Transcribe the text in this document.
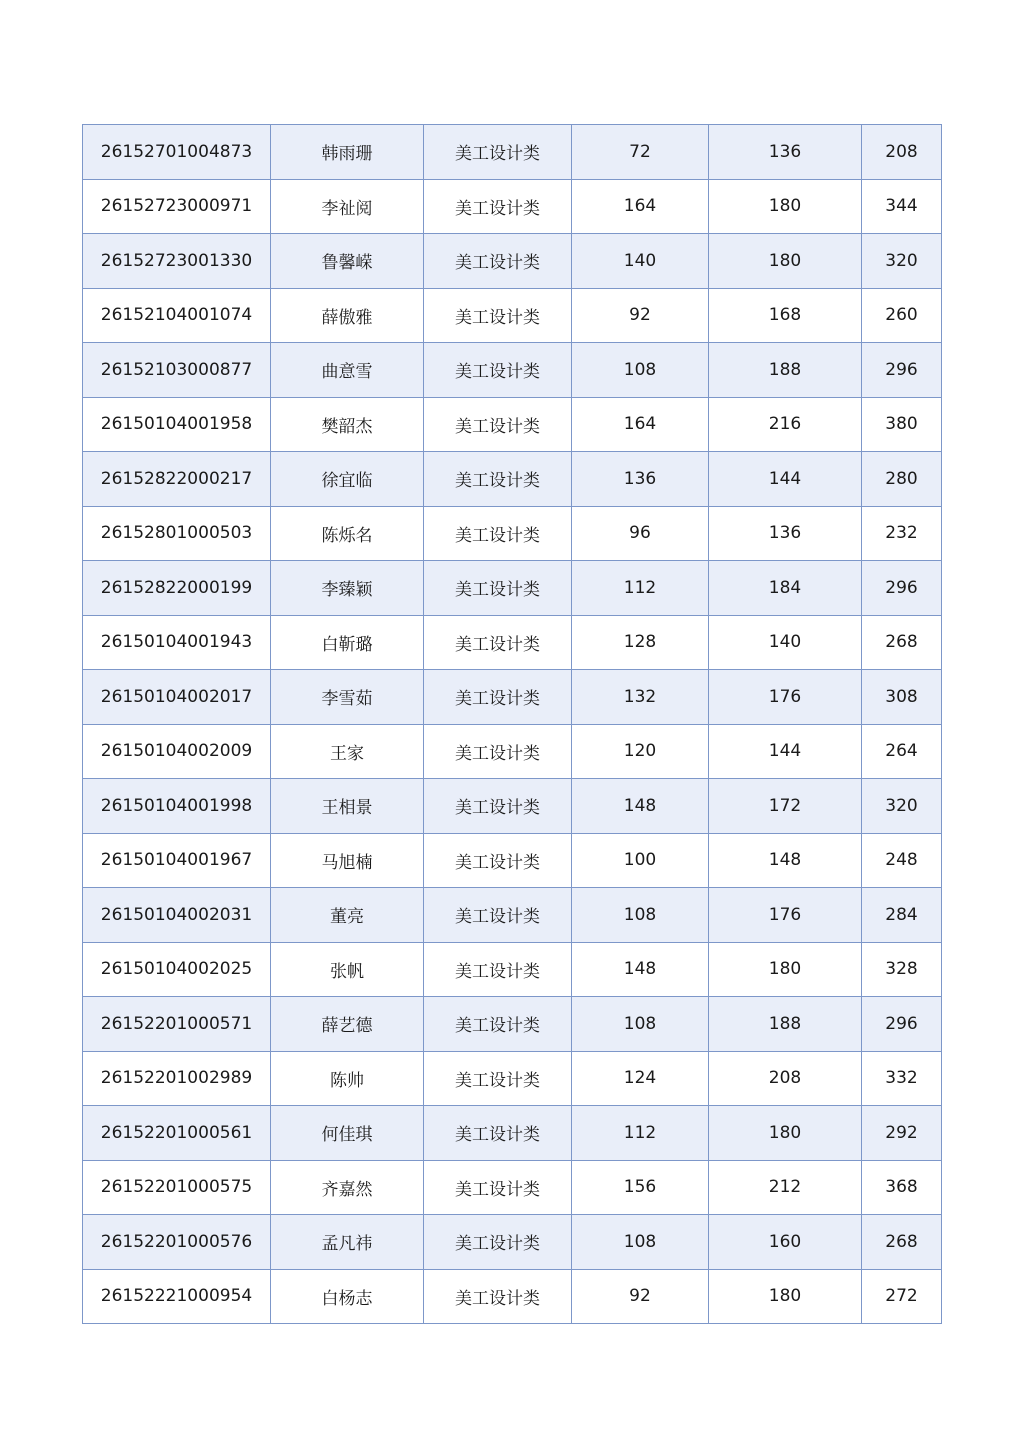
26152701004873	韩雨珊	美工设计类	72	136	208
26152723000971	李祉阅	美工设计类	164	180	344
26152723001330	鲁馨嵘	美工设计类	140	180	320
26152104001074	薛傲雅	美工设计类	92	168	260
26152103000877	曲意雪	美工设计类	108	188	296
26150104001958	樊韶杰	美工设计类	164	216	380
26152822000217	徐宜临	美工设计类	136	144	280
26152801000503	陈烁名	美工设计类	96	136	232
26152822000199	李臻颖	美工设计类	112	184	296
26150104001943	白靳璐	美工设计类	128	140	268
26150104002017	李雪茹	美工设计类	132	176	308
26150104002009	王家	美工设计类	120	144	264
26150104001998	王相景	美工设计类	148	172	320
26150104001967	马旭楠	美工设计类	100	148	248
26150104002031	董亮	美工设计类	108	176	284
26150104002025	张帆	美工设计类	148	180	328
26152201000571	薛艺德	美工设计类	108	188	296
26152201002989	陈帅	美工设计类	124	208	332
26152201000561	何佳琪	美工设计类	112	180	292
26152201000575	齐嘉然	美工设计类	156	212	368
26152201000576	孟凡祎	美工设计类	108	160	268
26152221000954	白杨志	美工设计类	92	180	272
